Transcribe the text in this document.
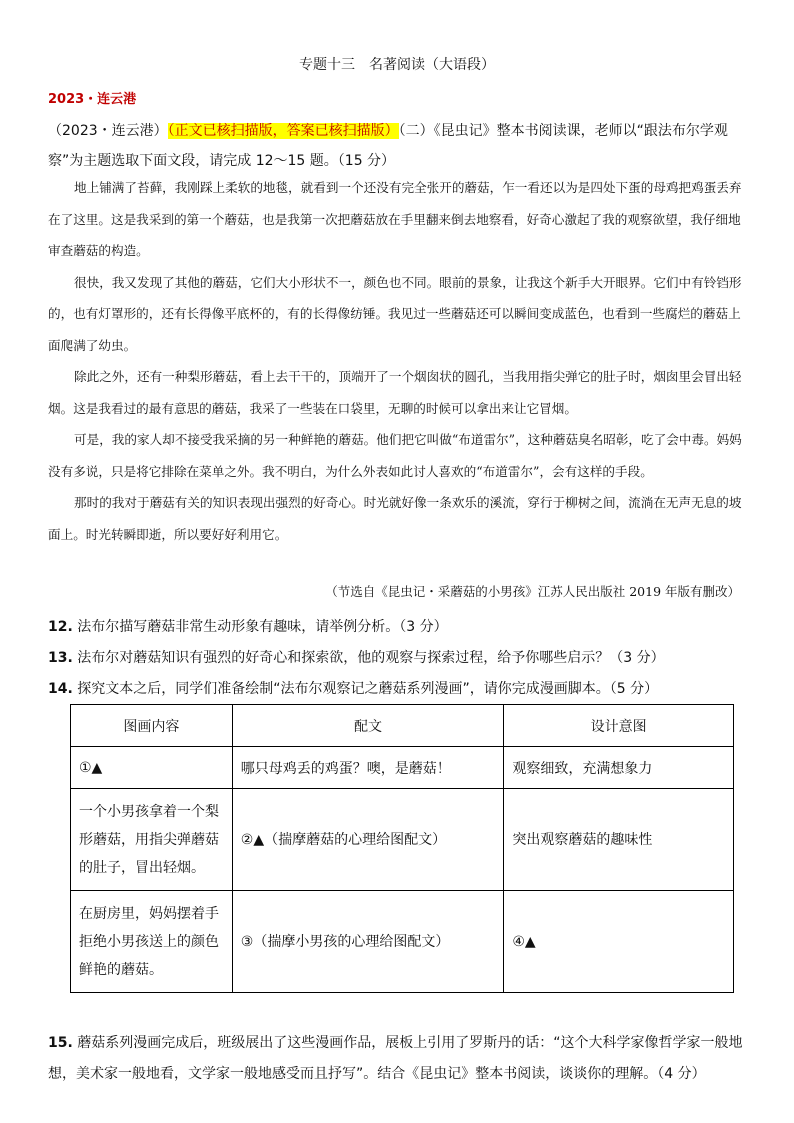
专题十三　名著阅读（大语段）
2023・连云港
（2023・连云港）（正文已核扫描版，答案已核扫描版）（二）《昆虫记》整本书阅读课，老师以“跟法布尔学观察”为主题选取下面文段，请完成 12～15 题。（15 分）

地上铺满了苔藓，我刚踩上柔软的地毯，就看到一个还没有完全张开的蘑菇，乍一看还以为是四处下蛋的母鸡把鸡蛋丢弃在了这里。这是我采到的第一个蘑菇，也是我第一次把蘑菇放在手里翻来倒去地察看，好奇心激起了我的观察欲望，我仔细地审查蘑菇的构造。

很快，我又发现了其他的蘑菇，它们大小形状不一，颜色也不同。眼前的景象，让我这个新手大开眼界。它们中有铃铛形的，也有灯罩形的，还有长得像平底杯的，有的长得像纺锤。我见过一些蘑菇还可以瞬间变成蓝色，也看到一些腐烂的蘑菇上面爬满了幼虫。

除此之外，还有一种梨形蘑菇，看上去干干的，顶端开了一个烟囱状的圆孔，当我用指尖弹它的肚子时，烟囱里会冒出轻烟。这是我看过的最有意思的蘑菇，我采了一些装在口袋里，无聊的时候可以拿出来让它冒烟。

可是，我的家人却不接受我采摘的另一种鲜艳的蘑菇。他们把它叫做“布道雷尔”，这种蘑菇臭名昭彰，吃了会中毒。妈妈没有多说，只是将它排除在菜单之外。我不明白，为什么外表如此讨人喜欢的“布道雷尔”，会有这样的手段。

那时的我对于蘑菇有关的知识表现出强烈的好奇心。时光就好像一条欢乐的溪流，穿行于柳树之间，流淌在无声无息的坡面上。时光转瞬即逝，所以要好好利用它。

（节选自《昆虫记・采蘑菇的小男孩》江苏人民出版社 2019 年版有删改）
12. 法布尔描写蘑菇非常生动形象有趣味，请举例分析。（3 分）
13. 法布尔对蘑菇知识有强烈的好奇心和探索欲，他的观察与探索过程，给予你哪些启示？（3 分）
14. 探究文本之后，同学们准备绘制“法布尔观察记之蘑菇系列漫画”，请你完成漫画脚本。（5 分）
图画内容	配文	设计意图
①▲	哪只母鸡丢的鸡蛋？噢，是蘑菇！	观察细致，充满想象力
一个小男孩拿着一个梨形蘑菇，用指尖弹蘑菇的肚子，冒出轻烟。	②▲（揣摩蘑菇的心理给图配文）	突出观察蘑菇的趣味性
在厨房里，妈妈摆着手拒绝小男孩送上的颜色鲜艳的蘑菇。	③（揣摩小男孩的心理给图配文）	④▲
15. 蘑菇系列漫画完成后，班级展出了这些漫画作品，展板上引用了罗斯丹的话：“这个大科学家像哲学家一般地想，美术家一般地看，文学家一般地感受而且抒写”。结合《昆虫记》整本书阅读，谈谈你的理解。（4 分）
